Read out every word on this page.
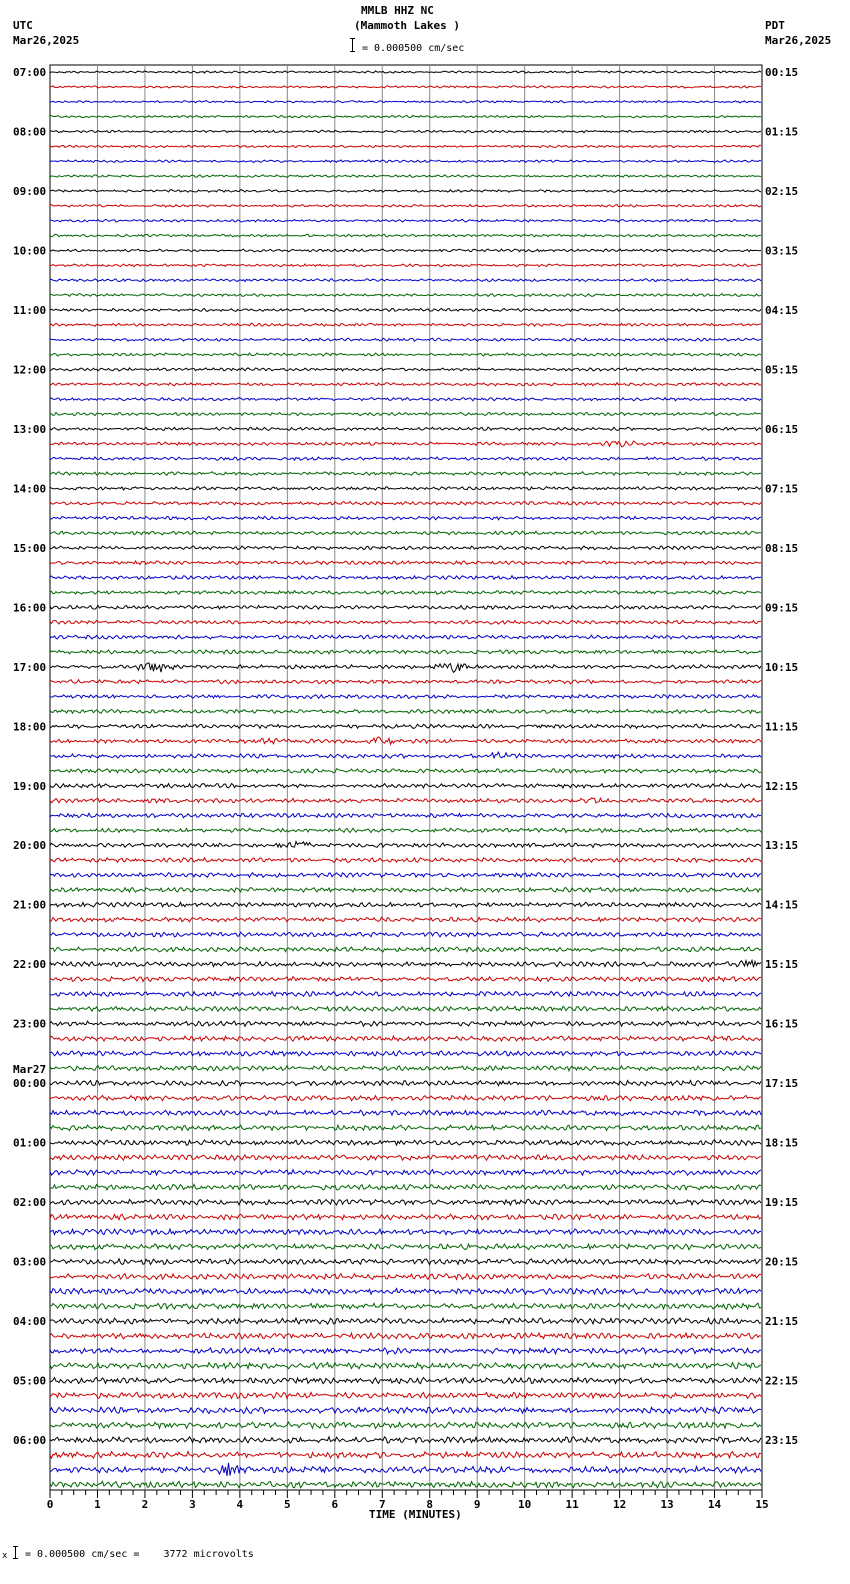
MMLB HHZ NC
(Mammoth Lakes )
= 0.000500 cm/sec
UTC
Mar26,2025
PDT
Mar26,2025
07:00
08:00
09:00
10:00
11:00
12:00
13:00
14:00
15:00
16:00
17:00
18:00
19:00
20:00
21:00
22:00
23:00
Mar27
00:00
01:00
02:00
03:00
04:00
05:00
06:00
00:15
01:15
02:15
03:15
04:15
05:15
06:15
07:15
08:15
09:15
10:15
11:15
12:15
13:15
14:15
15:15
16:15
17:15
18:15
19:15
20:15
21:15
22:15
23:15
0	1	2	3	4	5	6	7	8	9	10	11	12	13	14	15
TIME (MINUTES)
x = 0.000500 cm/sec =    3772 microvolts
